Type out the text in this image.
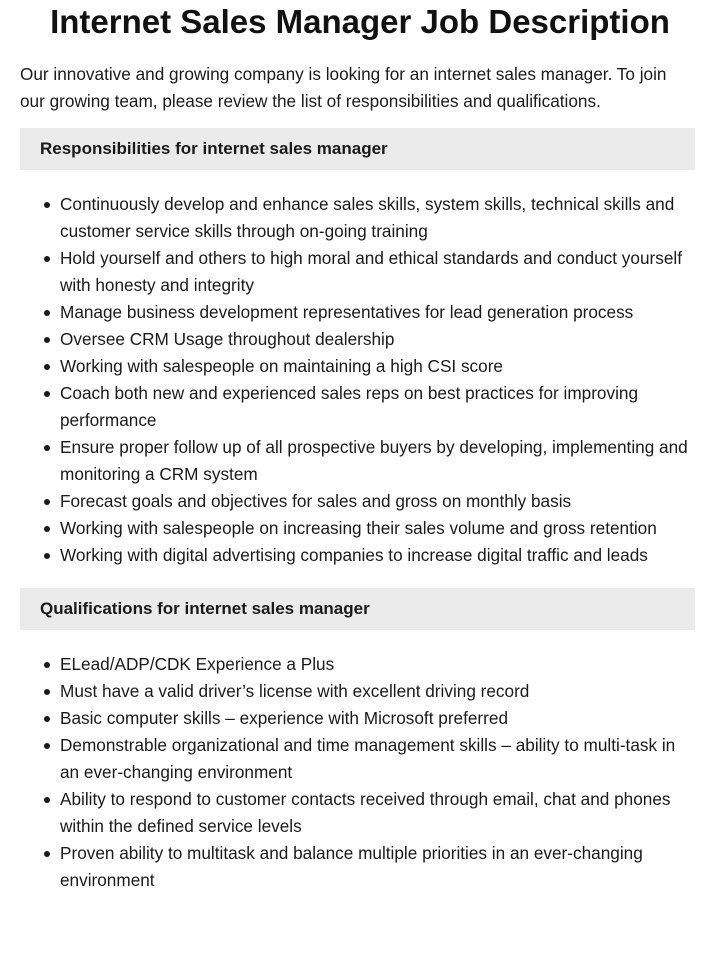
Internet Sales Manager Job Description

Our innovative and growing company is looking for an internet sales manager. To join our growing team, please review the list of responsibilities and qualifications.

Responsibilities for internet sales manager
Continuously develop and enhance sales skills, system skills, technical skills and customer service skills through on-going training
Hold yourself and others to high moral and ethical standards and conduct yourself with honesty and integrity
Manage business development representatives for lead generation process
Oversee CRM Usage throughout dealership
Working with salespeople on maintaining a high CSI score
Coach both new and experienced sales reps on best practices for improving performance
Ensure proper follow up of all prospective buyers by developing, implementing and monitoring a CRM system
Forecast goals and objectives for sales and gross on monthly basis
Working with salespeople on increasing their sales volume and gross retention
Working with digital advertising companies to increase digital traffic and leads
Qualifications for internet sales manager
ELead/ADP/CDK Experience a Plus
Must have a valid driver’s license with excellent driving record
Basic computer skills – experience with Microsoft preferred
Demonstrable organizational and time management skills – ability to multi-task in an ever-changing environment
Ability to respond to customer contacts received through email, chat and phones within the defined service levels
Proven ability to multitask and balance multiple priorities in an ever-changing environment
